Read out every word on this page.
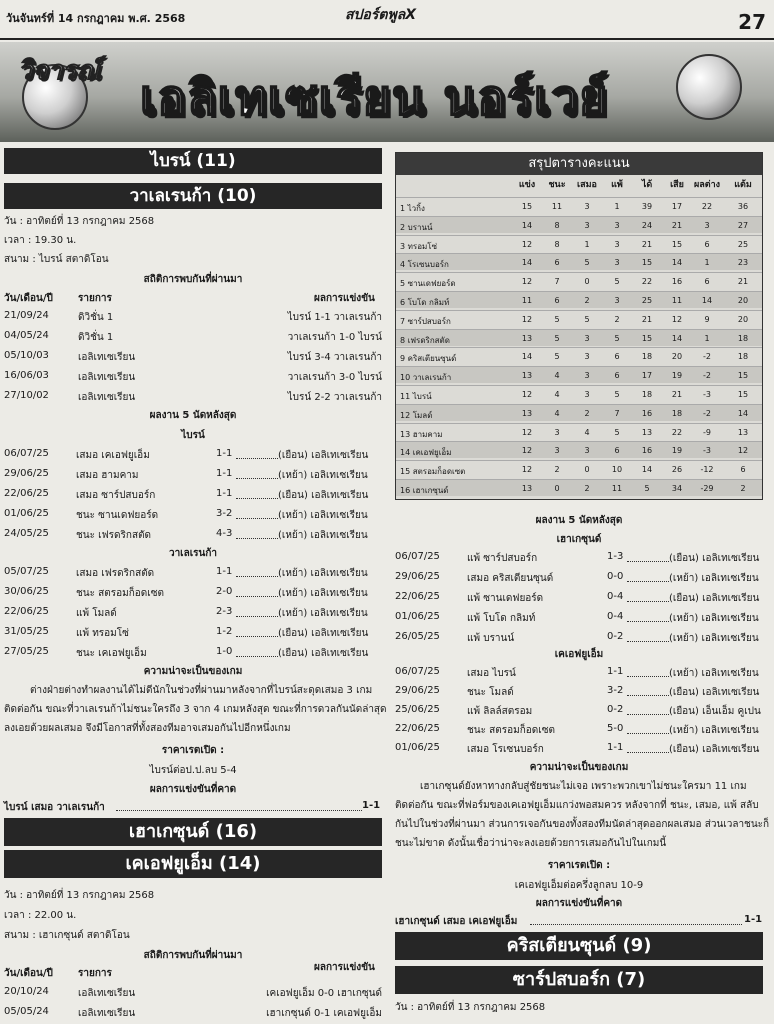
วันจันทร์ที่ 14 กรกฎาคม พ.ศ. 2568	สปอร์ตพูลX	27
วิจารณ์ เอลิเทเซเรียน นอร์เวย์
ไบรน์ (11)
วาเลเรนก้า (10)
วัน : อาทิตย์ที่ 13 กรกฎาคม 2568
เวลา : 19.30 น.
สนาม : ไบรน์ สตาดิโอน
สถิติการพบกันที่ผ่านมา
วัน/เดือน/ปี	รายการ	ผลการแข่งขัน
21/09/24	ดิวิชั่น 1	ไบรน์ 1-1 วาเลเรนก้า
04/05/24	ดิวิชั่น 1	วาเลเรนก้า 1-0 ไบรน์
05/10/03	เอลิเทเซเรียน	ไบรน์ 3-4 วาเลเรนก้า
16/06/03	เอลิเทเซเรียน	วาเลเรนก้า 3-0 ไบรน์
27/10/02	เอลิเทเซเรียน	ไบรน์ 2-2 วาเลเรนก้า
ผลงาน 5 นัดหลังสุด
ไบรน์
06/07/25	เสมอ เคเอฟยูเอ็ม	1-1	(เยือน) เอลิเทเซเรียน
29/06/25	เสมอ ฮามคาม	1-1	(เหย้า) เอลิเทเซเรียน
22/06/25	เสมอ ซาร์ปสบอร์ก	1-1	(เยือน) เอลิเทเซเรียน
01/06/25	ชนะ ซานเดฟยอร์ด	3-2	(เหย้า) เอลิเทเซเรียน
24/05/25	ชนะ เฟรดริกสตัด	4-3	(เหย้า) เอลิเทเซเรียน
วาเลเรนก้า
05/07/25	เสมอ เฟรดริกสตัด	1-1	(เหย้า) เอลิเทเซเรียน
30/06/25	ชนะ สตรอมก็อดเซต	2-0	(เหย้า) เอลิเทเซเรียน
22/06/25	แพ้ โมลด์	2-3	(เหย้า) เอลิเทเซเรียน
31/05/25	แพ้ ทรอมโซ่	1-2	(เยือน) เอลิเทเซเรียน
27/05/25	ชนะ เคเอฟยูเอ็ม	1-0	(เยือน) เอลิเทเซเรียน
ความน่าจะเป็นของเกม
ต่างฝ่ายต่างทำผลงานได้ไม่ดีนักในช่วงที่ผ่านมาหลังจากที่ไบรน์สะดุดเสมอ 3 เกม
ติดต่อกัน ขณะที่วาเลเรนก้าไม่ชนะใครถึง 3 จาก 4 เกมหลังสุด ขณะที่การดวลกันนัดล่าสุด
ลงเอยด้วยผลเสมอ จึงมีโอกาสที่ทั้งสองทีมอาจเสมอกันไปอีกหนึ่งเกม
ราคาเรตเปิด :
ไบรน์ต่อป.ป.ลบ 5-4
ผลการแข่งขันที่คาด
ไบรน์ เสมอ วาเลเรนก้า	1-1
เฮาเกซุนด์ (16)
เคเอฟยูเอ็ม (14)
วัน : อาทิตย์ที่ 13 กรกฎาคม 2568
เวลา : 22.00 น.
สนาม : เฮาเกซุนด์ สตาดิโอน
สถิติการพบกันที่ผ่านมา
วัน/เดือน/ปี	รายการ
ผลการแข่งขัน
20/10/24	เอลิเทเซเรียน	เคเอฟยูเอ็ม 0-0 เฮาเกซุนด์
05/05/24	เอลิเทเซเรียน	เฮาเกซุนด์ 0-1 เคเอฟยูเอ็ม
สรุปตารางคะแนน
แข่ง	ชนะ	เสมอ	แพ้	ได้	เสีย	ผลต่าง	แต้ม
1 ไวกิ้ง	15	11	3	1	39	17	22	36
2 บรานน์	14	8	3	3	24	21	3	27
3 ทรอมโซ่	12	8	1	3	21	15	6	25
4 โรเซนบอร์ก	14	6	5	3	15	14	1	23
5 ซานเดฟยอร์ด	12	7	0	5	22	16	6	21
6 โบโด กลิมท์	11	6	2	3	25	11	14	20
7 ซาร์ปสบอร์ก	12	5	5	2	21	12	9	20
8 เฟรดริกสตัด	13	5	3	5	15	14	1	18
9 คริสเตียนซุนด์	14	5	3	6	18	20	-2	18
10 วาเลเรนก้า	13	4	3	6	17	19	-2	15
11 ไบรน์	12	4	3	5	18	21	-3	15
12 โมลด์	13	4	2	7	16	18	-2	14
13 ฮามคาม	12	3	4	5	13	22	-9	13
14 เคเอฟยูเอ็ม	12	3	3	6	16	19	-3	12
15 สตรอมก็อดเซต	12	2	0	10	14	26	-12	6
16 เฮาเกซุนด์	13	0	2	11	5	34	-29	2
ผลงาน 5 นัดหลังสุด
เฮาเกซุนด์
06/07/25	แพ้ ซาร์ปสบอร์ก	1-3	(เยือน) เอลิเทเซเรียน
29/06/25	เสมอ คริสเตียนซุนด์	0-0	(เหย้า) เอลิเทเซเรียน
22/06/25	แพ้ ซานเดฟยอร์ด	0-4	(เยือน) เอลิเทเซเรียน
01/06/25	แพ้ โบโด กลิมท์	0-4	(เหย้า) เอลิเทเซเรียน
26/05/25	แพ้ บรานน์	0-2	(เหย้า) เอลิเทเซเรียน
เคเอฟยูเอ็ม
06/07/25	เสมอ ไบรน์	1-1	(เหย้า) เอลิเทเซเรียน
29/06/25	ชนะ โมลด์	3-2	(เยือน) เอลิเทเซเรียน
25/06/25	แพ้ ลิลล์สตรอม	0-2	(เยือน) เอ็นเอ็ม คูเปน
22/06/25	ชนะ สตรอมก็อดเซต	5-0	(เหย้า) เอลิเทเซเรียน
01/06/25	เสมอ โรเซนบอร์ก	1-1	(เยือน) เอลิเทเซเรียน
ความน่าจะเป็นของเกม
เฮาเกซุนด์ยังหาทางกลับสู่ชัยชนะไม่เจอ เพราะพวกเขาไม่ชนะใครมา 11 เกม
ติดต่อกัน ขณะที่ฟอร์มของเคเอฟยูเอ็มแกว่งพอสมควร หลังจากที่ ชนะ, เสมอ, แพ้ สลับ
กันไปในช่วงที่ผ่านมา ส่วนการเจอกันของทั้งสองทีมนัดล่าสุดออกผลเสมอ ส่วนเวลาชนะก็
ชนะไม่ขาด ดังนั้นเชื่อว่าน่าจะลงเอยด้วยการเสมอกันไปในเกมนี้
ราคาเรตเปิด :
เคเอฟยูเอ็มต่อครึ่งลูกลบ 10-9
ผลการแข่งขันที่คาด
เฮาเกซุนด์ เสมอ เคเอฟยูเอ็ม	1-1
คริสเตียนซุนด์ (9)
ซาร์ปสบอร์ก (7)
วัน : อาทิตย์ที่ 13 กรกฎาคม 2568
